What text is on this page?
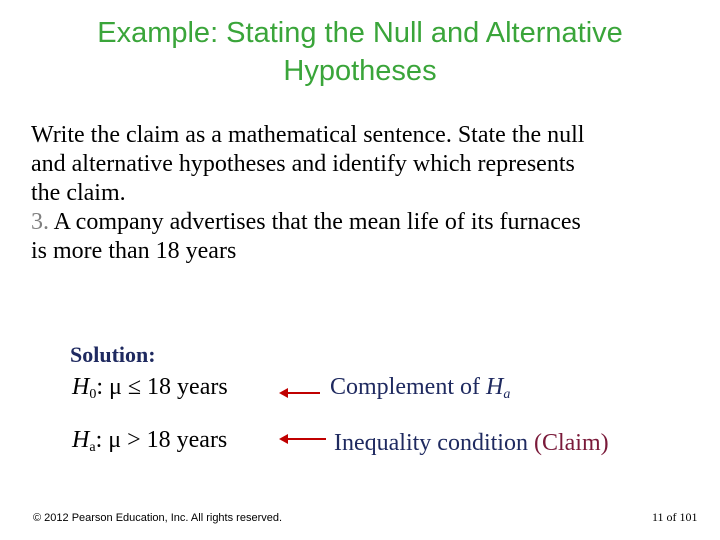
Example: Stating the Null and Alternative
Hypotheses
Write the claim as a mathematical sentence. State the null
and alternative hypotheses and identify which represents
the claim.
3. A company advertises that the mean life of its furnaces
is more than 18 years
Solution:
$H_0$: μ ≤ 18 years
$H_a$: μ > 18 years
Complement of $H_a$
Inequality condition (Claim)
© 2012 Pearson Education, Inc. All rights reserved.	11 of 101
